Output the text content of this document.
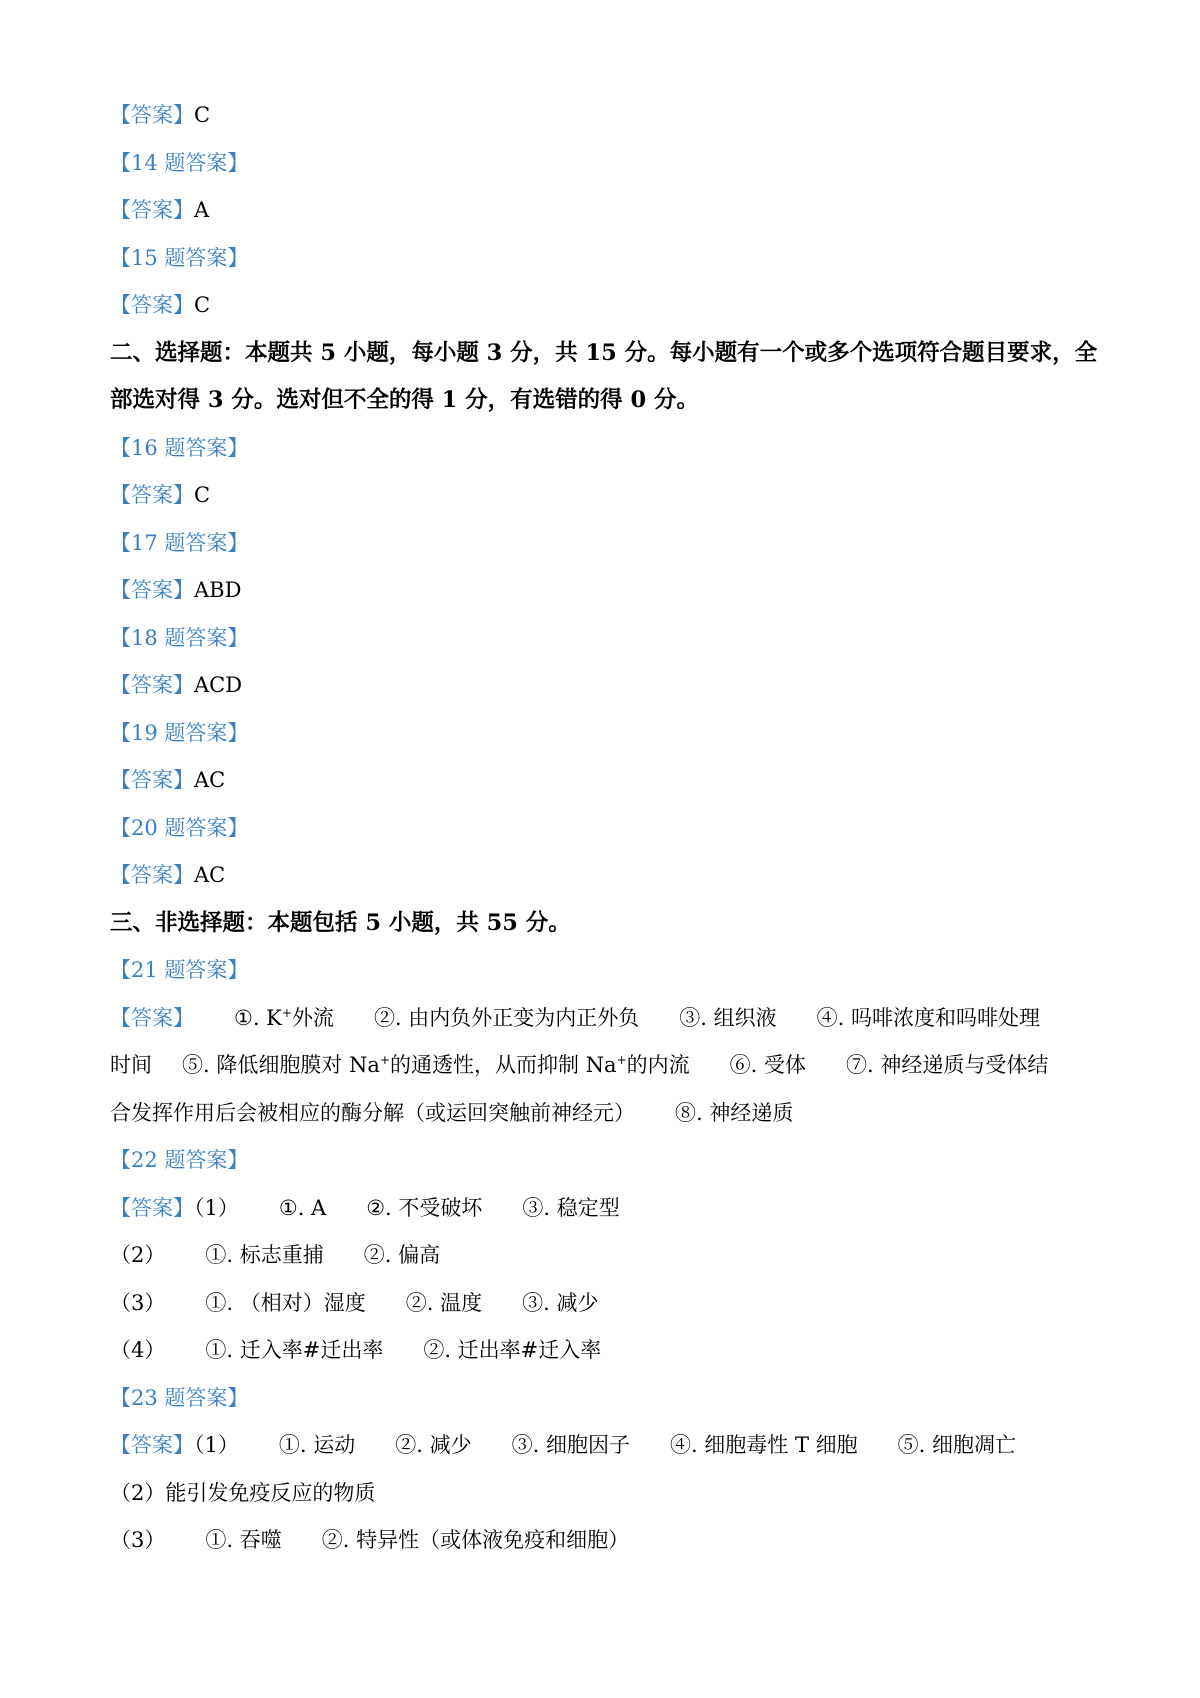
【答案】C
【14 题答案】
【答案】A
【15 题答案】
【答案】C
二、选择题：本题共 5 小题，每小题 3 分，共 15 分。每小题有一个或多个选项符合题目要求，全部选对得 3 分。选对但不全的得 1 分，有选错的得 0 分。
【16 题答案】
【答案】C
【17 题答案】
【答案】ABD
【18 题答案】
【答案】ACD
【19 题答案】
【答案】AC
【20 题答案】
【答案】AC
三、非选择题：本题包括 5 小题，共 55 分。
【21 题答案】
【答案】 ①. K+外流 ②. 由内负外正变为内正外负 ③. 组织液 ④. 吗啡浓度和吗啡处理
时间 ⑤. 降低细胞膜对 Na+的通透性，从而抑制 Na+的内流 ⑥. 受体 ⑦. 神经递质与受体结
合发挥作用后会被相应的酶分解（或运回突触前神经元） ⑧. 神经递质
【22 题答案】
【答案】（1） ①. A ②. 不受破坏 ③. 稳定型
（2） ①. 标志重捕 ②. 偏高
（3） ①. （相对）湿度 ②. 温度 ③. 减少
（4） ①. 迁入率#迁出率 ②. 迁出率#迁入率
【23 题答案】
【答案】（1） ①. 运动 ②. 减少 ③. 细胞因子 ④. 细胞毒性 T 细胞 ⑤. 细胞凋亡
（2）能引发免疫反应的物质
（3） ①. 吞噬 ②. 特异性（或体液免疫和细胞）
